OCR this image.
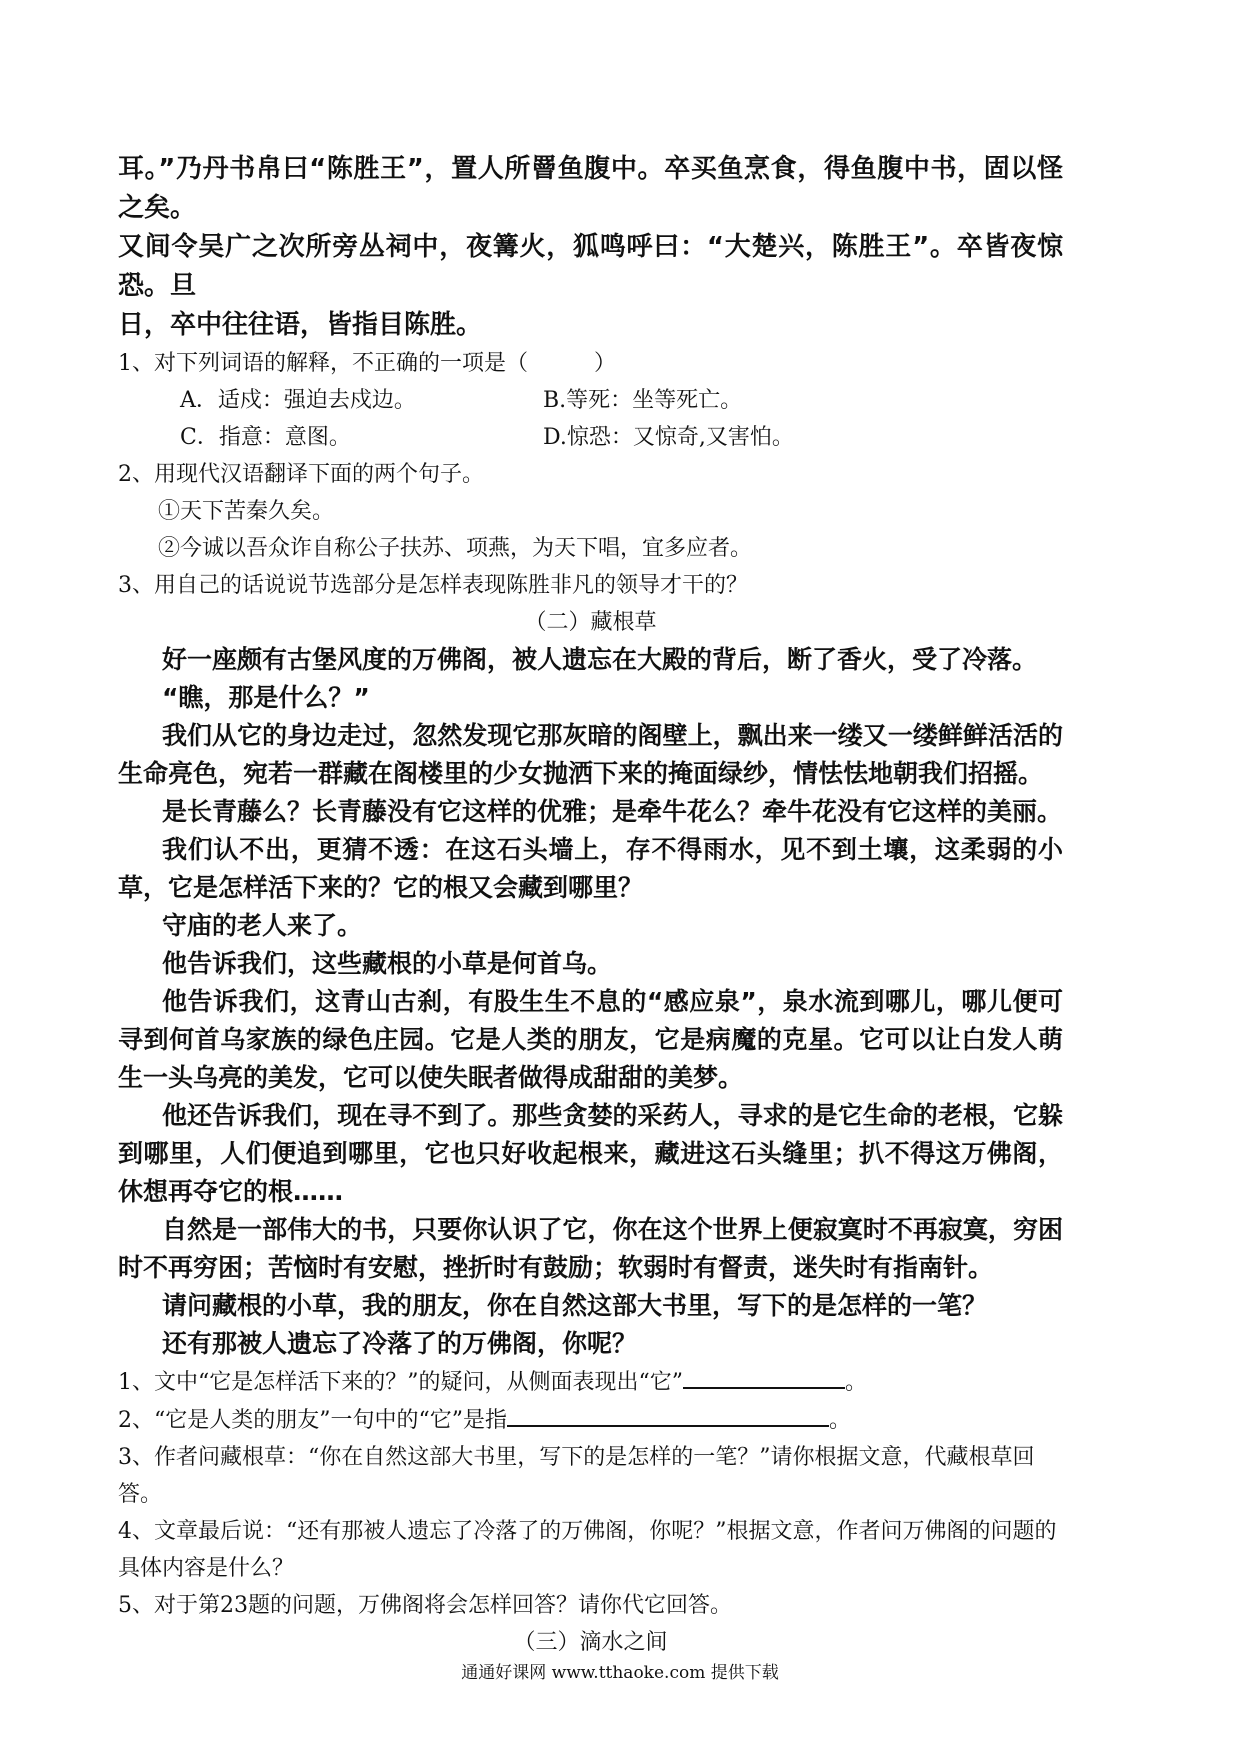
耳。”乃丹书帛曰“陈胜王”，置人所罾鱼腹中。卒买鱼烹食，得鱼腹中书，固以怪之矣。

又间令吴广之次所旁丛祠中，夜篝火，狐鸣呼曰：“大楚兴，陈胜王”。卒皆夜惊恐。旦

日，卒中往往语，皆指目陈胜。

1、对下列词语的解释，不正确的一项是（　　　）

A．适戍：强迫去戍边。	B.等死：坐等死亡。
C．指意：意图。	D.惊恐：又惊奇,又害怕。

2、用现代汉语翻译下面的两个句子。

①天下苦秦久矣。

②今诚以吾众诈自称公子扶苏、项燕，为天下唱，宜多应者。

3、用自己的话说说节选部分是怎样表现陈胜非凡的领导才干的？

（二）藏根草

好一座颇有古堡风度的万佛阁，被人遗忘在大殿的背后，断了香火，受了冷落。

“瞧，那是什么？”

我们从它的身边走过，忽然发现它那灰暗的阁壁上，飘出来一缕又一缕鲜鲜活活的生命亮色，宛若一群藏在阁楼里的少女抛洒下来的掩面绿纱，情怯怯地朝我们招摇。

是长青藤么？长青藤没有它这样的优雅；是牵牛花么？牵牛花没有它这样的美丽。

我们认不出，更猜不透：在这石头墙上，存不得雨水，见不到土壤，这柔弱的小草，它是怎样活下来的？它的根又会藏到哪里？

守庙的老人来了。

他告诉我们，这些藏根的小草是何首乌。

他告诉我们，这青山古刹，有股生生不息的“感应泉”，泉水流到哪儿，哪儿便可寻到何首乌家族的绿色庄园。它是人类的朋友，它是病魔的克星。它可以让白发人萌生一头乌亮的美发，它可以使失眠者做得成甜甜的美梦。

他还告诉我们，现在寻不到了。那些贪婪的采药人，寻求的是它生命的老根，它躲到哪里，人们便追到哪里，它也只好收起根来，藏进这石头缝里；扒不得这万佛阁，休想再夺它的根……

自然是一部伟大的书，只要你认识了它，你在这个世界上便寂寞时不再寂寞，穷困时不再穷困；苦恼时有安慰，挫折时有鼓励；软弱时有督责，迷失时有指南针。

请问藏根的小草，我的朋友，你在自然这部大书里，写下的是怎样的一笔？

还有那被人遗忘了冷落了的万佛阁，你呢？

1、文中“它是怎样活下来的？”的疑问，从侧面表现出“它”	。

2、“它是人类的朋友”一句中的“它”是指	。

3、作者问藏根草：“你在自然这部大书里，写下的是怎样的一笔？”请你根据文意，代藏根草回答。

4、文章最后说：“还有那被人遗忘了冷落了的万佛阁，你呢？”根据文意，作者问万佛阁的问题的具体内容是什么？

5、对于第23题的问题，万佛阁将会怎样回答？请你代它回答。

（三）滴水之间

通通好课网 www.tthaoke.com 提供下载
